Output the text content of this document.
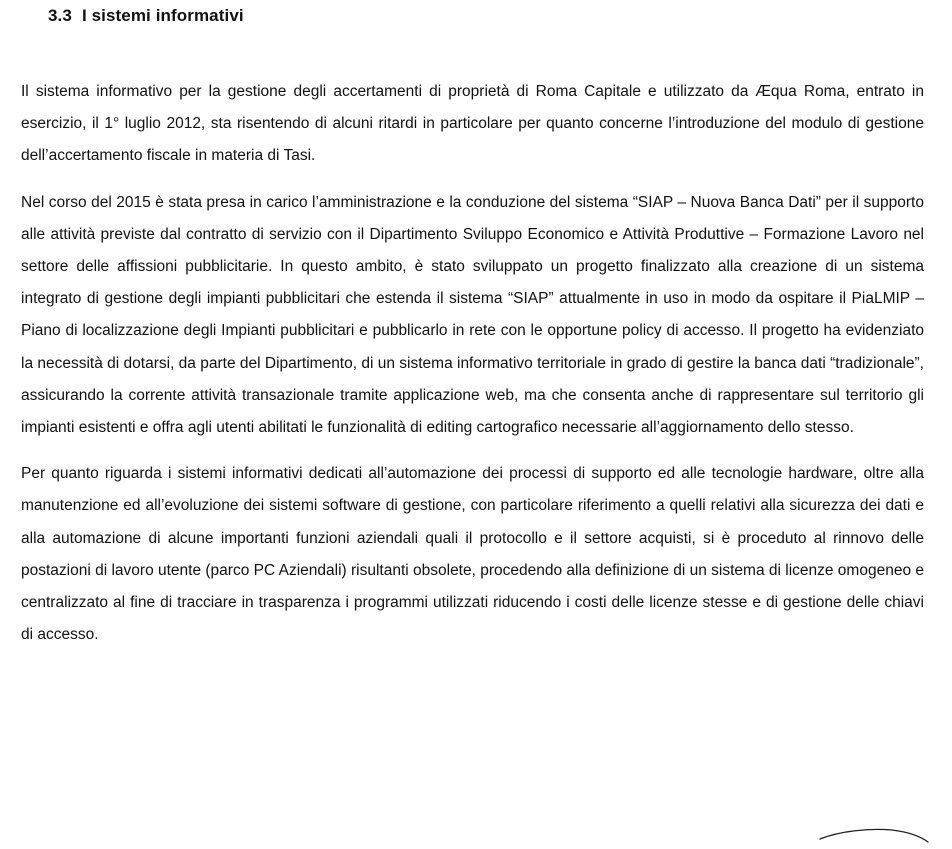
3.3 I sistemi informativi

Il sistema informativo per la gestione degli accertamenti di proprietà di Roma Capitale e utilizzato da Æqua Roma, entrato in esercizio, il 1° luglio 2012, sta risentendo di alcuni ritardi in particolare per quanto concerne l’introduzione del modulo di gestione dell’accertamento fiscale in materia di Tasi.

Nel corso del 2015 è stata presa in carico l’amministrazione e la conduzione del sistema “SIAP – Nuova Banca Dati” per il supporto alle attività previste dal contratto di servizio con il Dipartimento Sviluppo Economico e Attività Produttive – Formazione Lavoro nel settore delle affissioni pubblicitarie. In questo ambito, è stato sviluppato un progetto finalizzato alla creazione di un sistema integrato di gestione degli impianti pubblicitari che estenda il sistema “SIAP” attualmente in uso in modo da ospitare il PiaLMIP – Piano di localizzazione degli Impianti pubblicitari e pubblicarlo in rete con le opportune policy di accesso. Il progetto ha evidenziato la necessità di dotarsi, da parte del Dipartimento, di un sistema informativo territoriale in grado di gestire la banca dati “tradizionale”, assicurando la corrente attività transazionale tramite applicazione web, ma che consenta anche di rappresentare sul territorio gli impianti esistenti e offra agli utenti abilitati le funzionalità di editing cartografico necessarie all’aggiornamento dello stesso.

Per quanto riguarda i sistemi informativi dedicati all’automazione dei processi di supporto ed alle tecnologie hardware, oltre alla manutenzione ed all’evoluzione dei sistemi software di gestione, con particolare riferimento a quelli relativi alla sicurezza dei dati e alla automazione di alcune importanti funzioni aziendali quali il protocollo e il settore acquisti, si è proceduto al rinnovo delle postazioni di lavoro utente (parco PC Aziendali) risultanti obsolete, procedendo alla definizione di un sistema di licenze omogeneo e centralizzato al fine di tracciare in trasparenza i programmi utilizzati riducendo i costi delle licenze stesse e di gestione delle chiavi di accesso.
